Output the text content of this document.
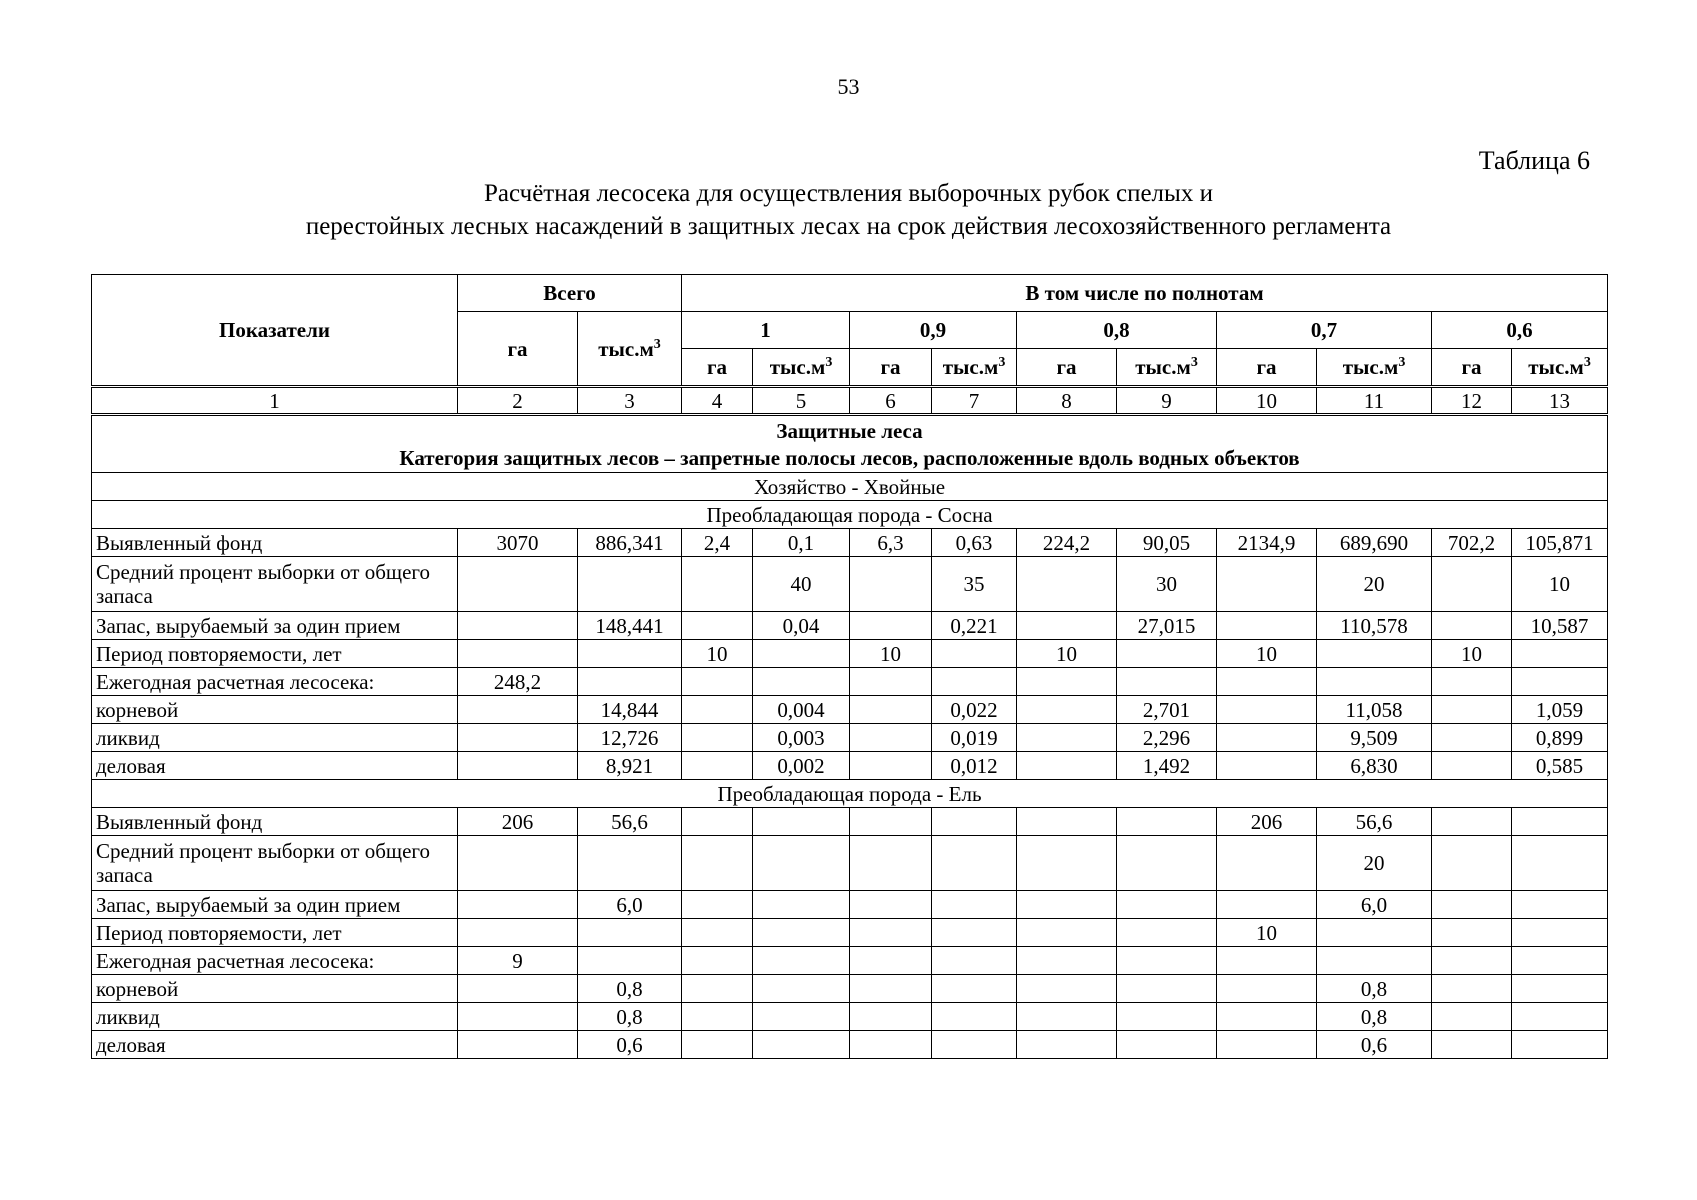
53
Таблица 6
Расчётная лесосека для осуществления выборочных рубок спелых и
перестойных лесных насаждений в защитных лесах на срок действия лесохозяйственного регламента
Показатели	Всего		В том числе по полнотам									
	га	$тыс.м^3$	1		0,9		0,8		0,7		0,6	
			га	$тыс.м^3$	га	$тыс.м^3$	га	$тыс.м^3$	га	$тыс.м^3$	га	$тыс.м^3$
1	2	3	4	5	6	7	8	9	10	11	12	13

Защитные леса
Категория защитных лесов – запретные полосы лесов, расположенные вдоль водных объектов												

Хозяйство - Хвойные												
Преобладающая порода - Сосна												
Выявленный фонд	3070	886,341	2,4	0,1	6,3	0,63	224,2	90,05	2134,9	689,690	702,2	105,871
Средний процент выборки от общего запаса				40		35		30		20		10
Запас, вырубаемый за один прием		148,441		0,04		0,221		27,015		110,578		10,587
Период повторяемости, лет			10		10		10		10		10	
Ежегодная расчетная лесосека:	248,2											
корневой		14,844		0,004		0,022		2,701		11,058		1,059
ликвид		12,726		0,003		0,019		2,296		9,509		0,899
деловая		8,921		0,002		0,012		1,492		6,830		0,585
Преобладающая порода - Ель												
Выявленный фонд	206	56,6							206	56,6		
Средний процент выборки от общего запаса										20		
Запас, вырубаемый за один прием		6,0								6,0		
Период повторяемости, лет									10			
Ежегодная расчетная лесосека:	9											
корневой		0,8								0,8		
ликвид		0,8								0,8		
деловая		0,6								0,6		
